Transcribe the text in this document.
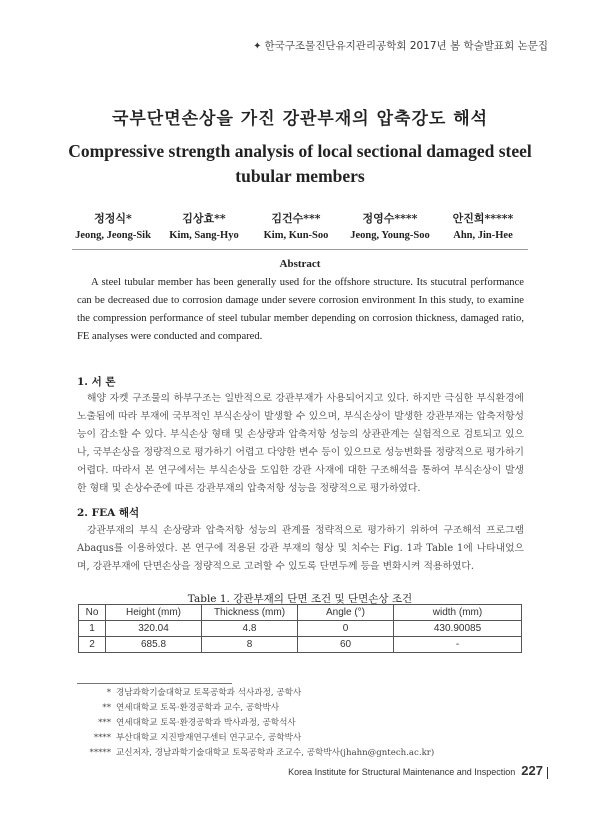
✦ 한국구조물진단유지관리공학회 2017년 봄 학술발표회 논문집
국부단면손상을 가진 강관부재의 압축강도 해석
Compressive strength analysis of local sectional damaged steel tubular members
정정식*
Jeong, Jeong-Sik
김상효**
Kim, Sang-Hyo
김건수***
Kim, Kun-Soo
정영수****
Jeong, Young-Soo
안진희*****
Ahn, Jin-Hee
Abstract
A steel tubular member has been generally used for the offshore structure. Its stucutral performance can be decreased due to corrosion damage under severe corrosion environment In this study, to examine the compression performance of steel tubular member depending on corrosion thickness, damaged ratio, FE analyses were conducted and compared.
1. 서 론
해양 자켓 구조물의 하부구조는 일반적으로 강관부재가 사용되어지고 있다. 하지만 극심한 부식환경에 노출됨에 따라 부재에 국부적인 부식손상이 발생할 수 있으며, 부식손상이 발생한 강관부재는 압축저항성능이 감소할 수 있다. 부식손상 형태 및 손상량과 압축저항 성능의 상관관계는 실험적으로 검토되고 있으나, 국부손상을 정량적으로 평가하기 어렵고 다양한 변수 등이 있으므로 성능변화를 정량적으로 평가하기 어렵다. 따라서 본 연구에서는 부식손상을 도입한 강관 사재에 대한 구조해석을 통하여 부식손상이 발생한 형태 및 손상수준에 따른 강관부재의 압축저항 성능을 정량적으로 평가하였다.
2. FEA 해석
강관부재의 부식 손상량과 압축저항 성능의 관계를 정략적으로 평가하기 위하여 구조해석 프로그램 Abaqus를 이용하였다. 본 연구에 적용된 강관 부재의 형상 및 치수는 Fig. 1과 Table 1에 나타내었으며, 강관부재에 단면손상을 정량적으로 고려할 수 있도록 단면두께 등을 변화시켜 적용하였다.
Table 1. 강관부재의 단면 조건 및 단면손상 조건
No	Height (mm)	Thickness (mm)	Angle (°)	width (mm)
1	320.04	4.8	0	430.90085
2	685.8	8	60	-
* 경남과학기술대학교 토목공학과 석사과정, 공학사
** 연세대학교 토목·환경공학과 교수, 공학박사
*** 연세대학교 토목·환경공학과 박사과정, 공학석사
**** 부산대학교 지진방재연구센터 연구교수, 공학박사
***** 교신저자, 경남과학기술대학교 토목공학과 조교수, 공학박사(jhahn@gntech.ac.kr)
Korea Institute for Structural Maintenance and Inspection 227
